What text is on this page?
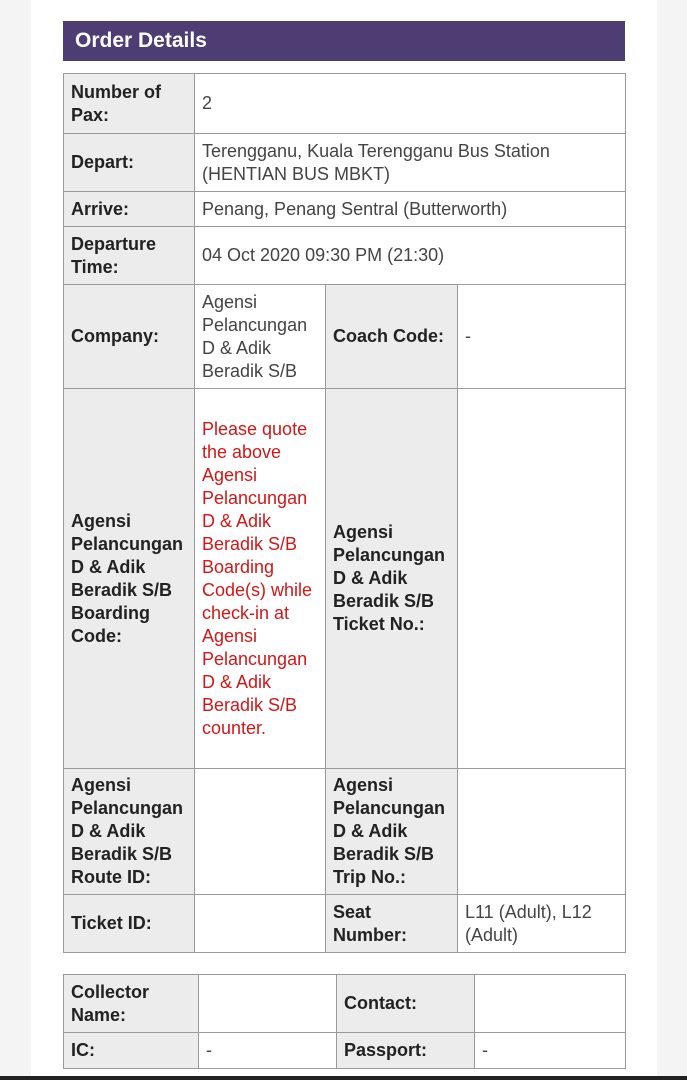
Order Details
Number of Pax:	2		
Depart:	Terengganu, Kuala Terengganu Bus Station (HENTIAN BUS MBKT)		
Arrive:	Penang, Penang Sentral (Butterworth)		
Departure Time:	04 Oct 2020 09:30 PM (21:30)		
Company:	Agensi Pelancungan D & Adik Beradik S/B	Coach Code:	-
Agensi Pelancungan D & Adik Beradik S/B Boarding Code:	Please quote the above Agensi Pelancungan D & Adik Beradik S/B Boarding Code(s) while check-in at Agensi Pelancungan D & Adik Beradik S/B counter.	Agensi Pelancungan D & Adik Beradik S/B Ticket No.:	
Agensi Pelancungan D & Adik Beradik S/B Route ID:		Agensi Pelancungan D & Adik Beradik S/B Trip No.:	
Ticket ID:		Seat Number:	L11 (Adult), L12 (Adult)
Collector Name:		Contact:	
IC:	-	Passport:	-
